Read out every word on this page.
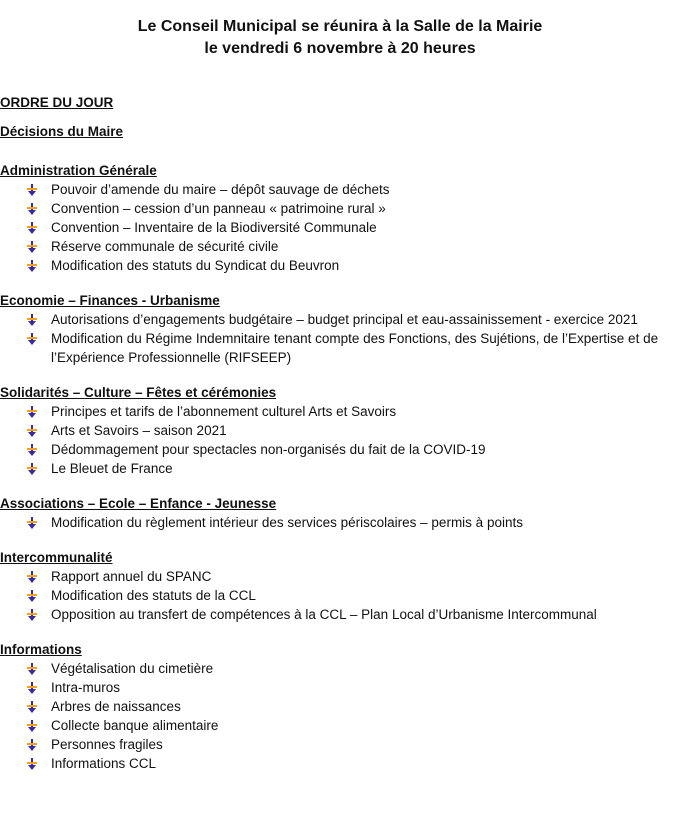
Le Conseil Municipal se réunira à la Salle de la Mairie
le vendredi 6 novembre à 20 heures
ORDRE DU JOUR
Décisions du Maire
Administration Générale
Pouvoir d’amende du maire – dépôt sauvage de déchets
Convention – cession d’un panneau « patrimoine rural »
Convention – Inventaire de la Biodiversité Communale
Réserve communale de sécurité civile
Modification des statuts du Syndicat du Beuvron
Economie – Finances - Urbanisme
Autorisations d’engagements budgétaire – budget principal et eau-assainissement - exercice 2021
Modification du Régime Indemnitaire tenant compte des Fonctions, des Sujétions, de l’Expertise et de l’Expérience Professionnelle (RIFSEEP)
Solidarités – Culture – Fêtes et cérémonies
Principes et tarifs de l’abonnement culturel Arts et Savoirs
Arts et Savoirs – saison 2021
Dédommagement pour spectacles non-organisés du fait de la COVID-19
Le Bleuet de France
Associations – Ecole – Enfance - Jeunesse
Modification du règlement intérieur des services périscolaires – permis à points
Intercommunalité
Rapport annuel du SPANC
Modification des statuts de la CCL
Opposition au transfert de compétences à la CCL – Plan Local d’Urbanisme Intercommunal
Informations
Végétalisation du cimetière
Intra-muros
Arbres de naissances
Collecte banque alimentaire
Personnes fragiles
Informations CCL
